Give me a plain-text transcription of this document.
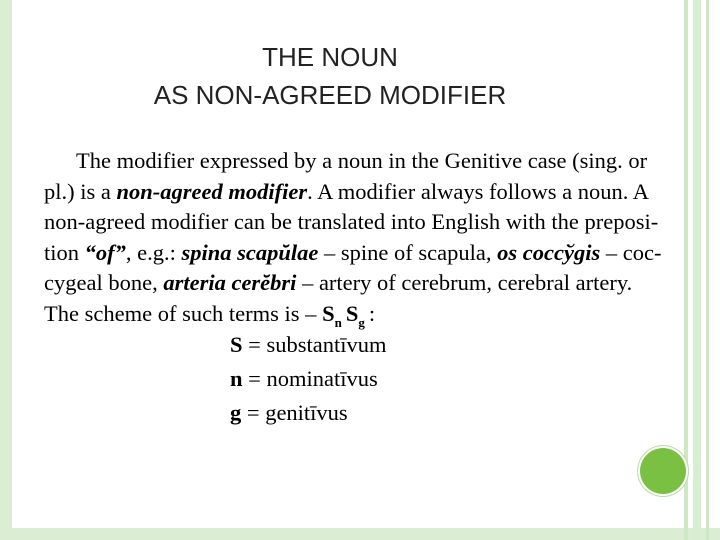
THE NOUN
AS NON-AGREED MODIFIER
The modifier expressed by a noun in the Genitive case (sing. or
pl.) is a non-agreed modifier. A modifier always follows a noun. A
non-agreed modifier can be translated into English with the preposi-
tion “of”, e.g.: spina scapŭlae – spine of scapula, os coccўgis – coc-
cygeal bone, arteria cerĕbri – artery of cerebrum, cerebral artery.
The scheme of such terms is – $S_n$ $S_g$ :
S = substantīvum
n = nominatīvus
g = genitīvus
